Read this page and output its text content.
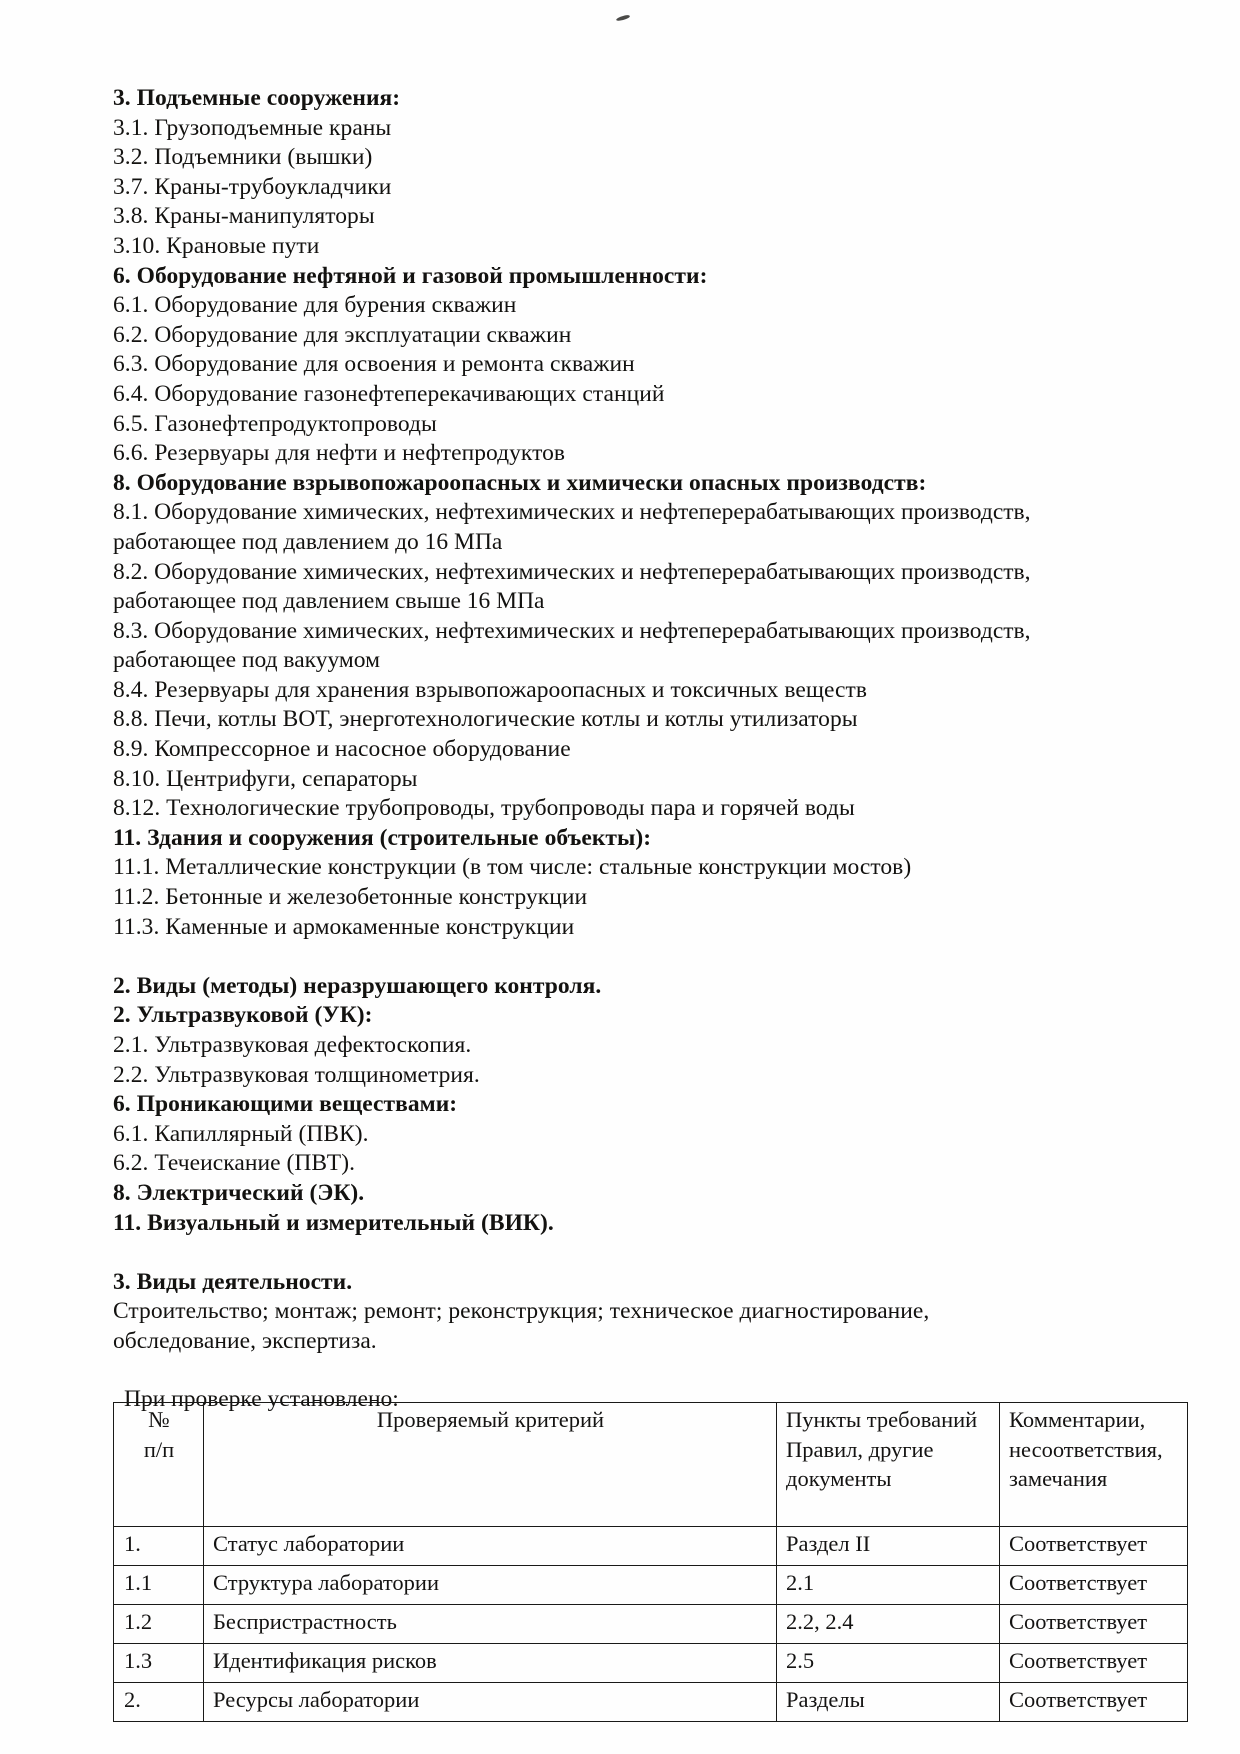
3. Подъемные сооружения:
3.1. Грузоподъемные краны
3.2. Подъемники (вышки)
3.7. Краны-трубоукладчики
3.8. Краны-манипуляторы
3.10. Крановые пути
6. Оборудование нефтяной и газовой промышленности:
6.1. Оборудование для бурения скважин
6.2. Оборудование для эксплуатации скважин
6.3. Оборудование для освоения и ремонта скважин
6.4. Оборудование газонефтеперекачивающих станций
6.5. Газонефтепродуктопроводы
6.6. Резервуары для нефти и нефтепродуктов
8. Оборудование взрывопожароопасных и химически опасных производств:
8.1. Оборудование химических, нефтехимических и нефтеперерабатывающих производств, работающее под давлением до 16 МПа
8.2. Оборудование химических, нефтехимических и нефтеперерабатывающих производств, работающее под давлением свыше 16 МПа
8.3. Оборудование химических, нефтехимических и нефтеперерабатывающих производств, работающее под вакуумом
8.4. Резервуары для хранения взрывопожароопасных и токсичных веществ
8.8. Печи, котлы ВОТ, энерготехнологические котлы и котлы утилизаторы
8.9. Компрессорное и насосное оборудование
8.10. Центрифуги, сепараторы
8.12. Технологические трубопроводы, трубопроводы пара и горячей воды
11. Здания и сооружения (строительные объекты):
11.1. Металлические конструкции (в том числе: стальные конструкции мостов)
11.2. Бетонные и железобетонные конструкции
11.3. Каменные и армокаменные конструкции
2. Виды (методы) неразрушающего контроля.
2. Ультразвуковой (УК):
2.1. Ультразвуковая дефектоскопия.
2.2. Ультразвуковая толщинометрия.
6. Проникающими веществами:
6.1. Капиллярный (ПВК).
6.2. Течеискание (ПВТ).
8. Электрический (ЭК).
11. Визуальный и измерительный (ВИК).
3. Виды деятельности.
Строительство; монтаж; ремонт; реконструкция; техническое диагностирование,
обследование, экспертиза.
При проверке установлено:
№
п/п	Проверяемый критерий	Пункты требований Правил, другие документы	Комментарии, несоответствия, замечания
1.	Статус лаборатории	Раздел II	Соответствует
1.1	Структура лаборатории	2.1	Соответствует
1.2	Беспристрастность	2.2, 2.4	Соответствует
1.3	Идентификация рисков	2.5	Соответствует
2.	Ресурсы лаборатории	Разделы	Соответствует
